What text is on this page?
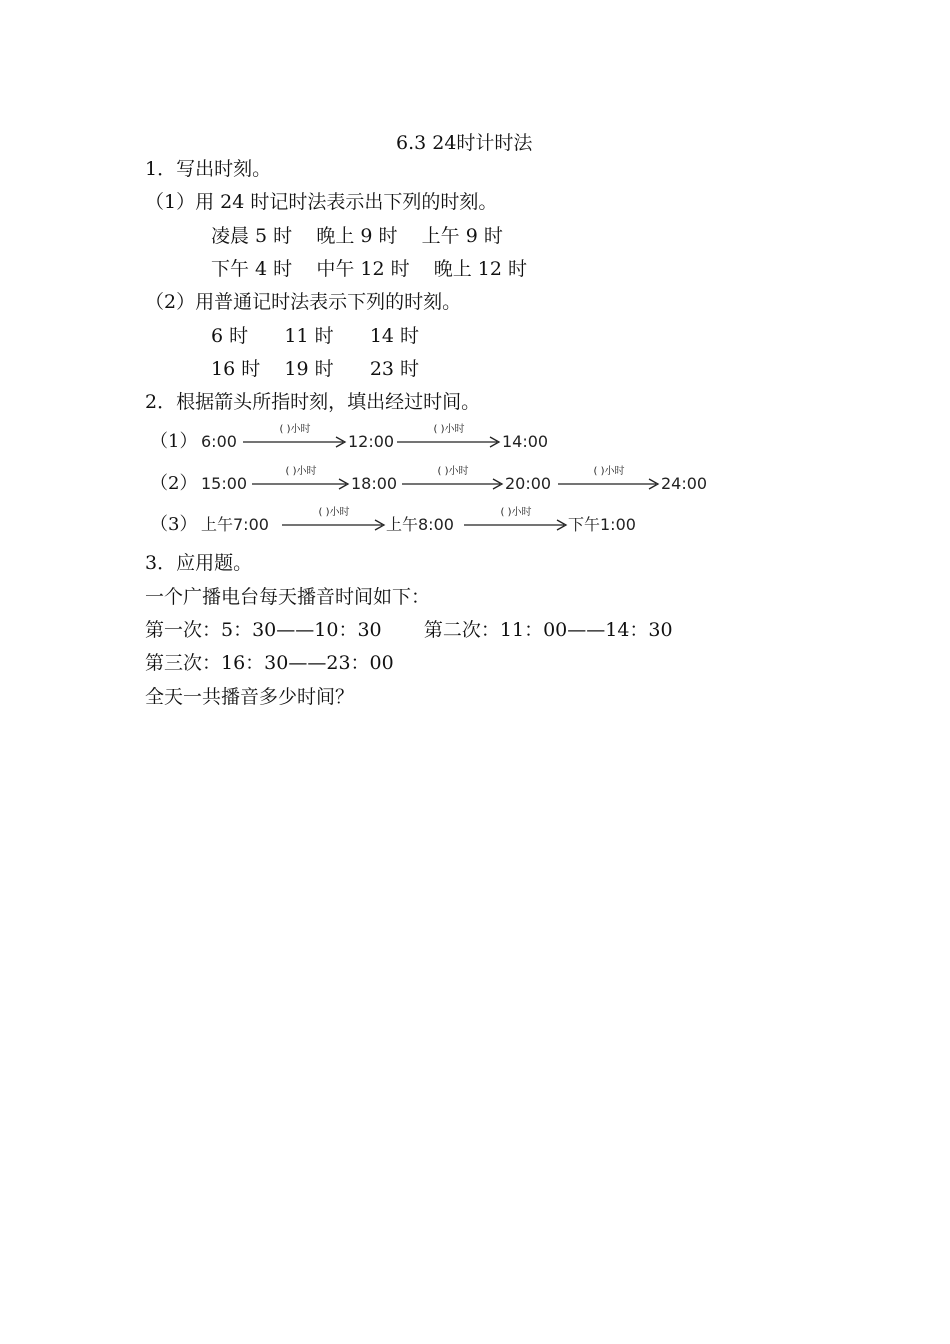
6.3 24时计时法
1．写出时刻。
（1）用 24 时记时法表示出下列的时刻。
凌晨 5 时    晚上 9 时    上午 9 时
下午 4 时    中午 12 时    晚上 12 时
（2）用普通记时法表示下列的时刻。
6 时      11 时      14 时
16 时    19 时      23 时
2．根据箭头所指时刻，填出经过时间。
（1） 6:00
( )小时
12:00
( )小时
14:00
（2） 15:00
( )小时
18:00
( )小时
20:00
( )小时
24:00
（3） 上午7:00
( )小时
上午8:00
( )小时
下午1:00
3．应用题。
一个广播电台每天播音时间如下：
第一次：5：30——10：30       第二次：11：00——14：30
第三次：16：30——23：00
全天一共播音多少时间？
